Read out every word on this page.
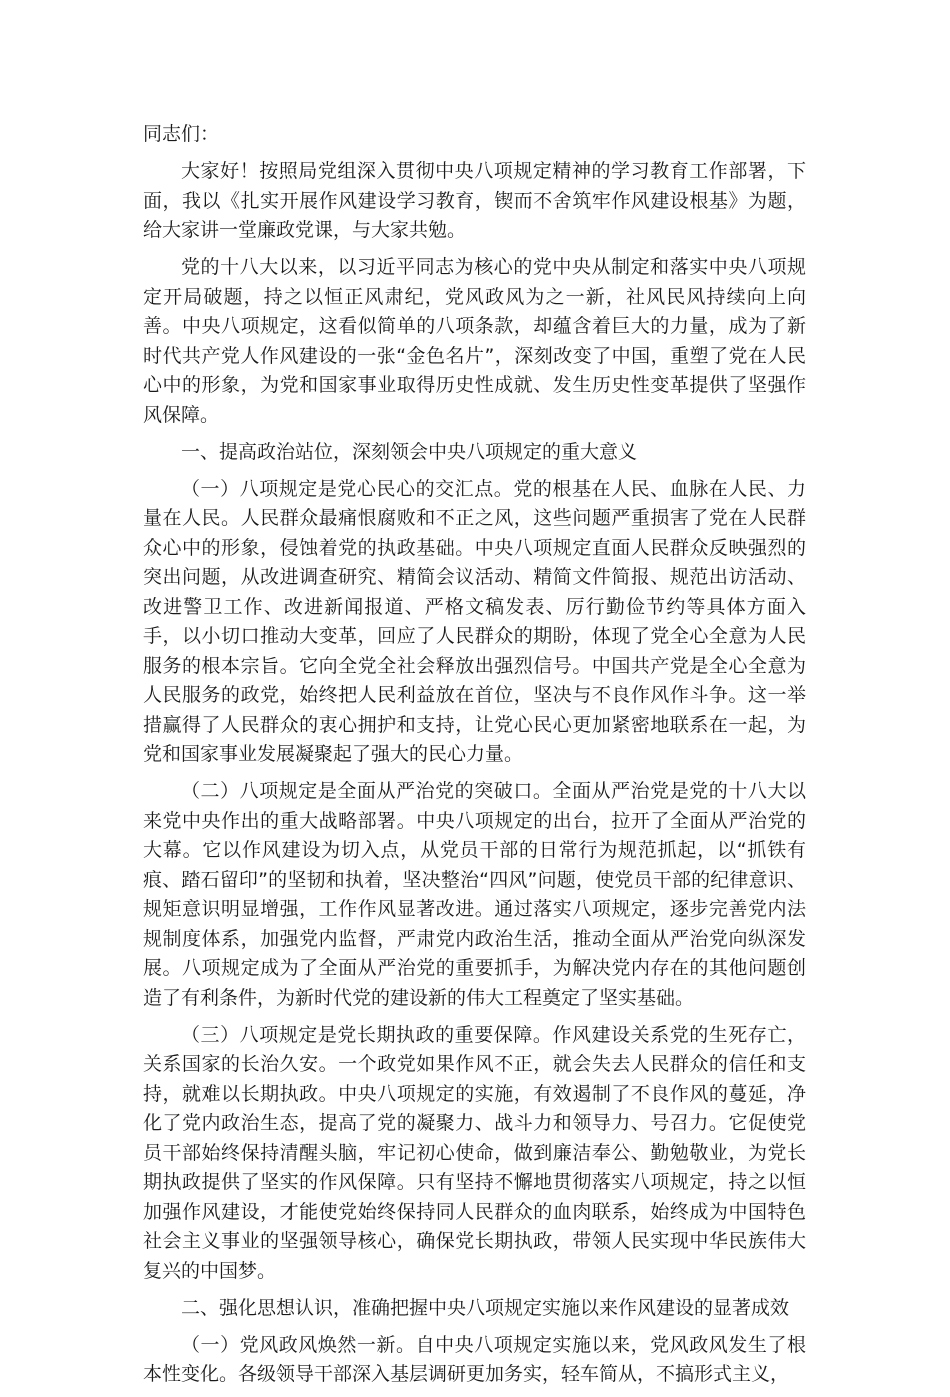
同志们：

大家好！按照局党组深入贯彻中央八项规定精神的学习教育工作部署，下面，我以《扎实开展作风建设学习教育，锲而不舍筑牢作风建设根基》为题，给大家讲一堂廉政党课，与大家共勉。

党的十八大以来，以习近平同志为核心的党中央从制定和落实中央八项规定开局破题，持之以恒正风肃纪，党风政风为之一新，社风民风持续向上向善。中央八项规定，这看似简单的八项条款，却蕴含着巨大的力量，成为了新时代共产党人作风建设的一张“金色名片”，深刻改变了中国，重塑了党在人民心中的形象，为党和国家事业取得历史性成就、发生历史性变革提供了坚强作风保障。

一、提高政治站位，深刻领会中央八项规定的重大意义

（一）八项规定是党心民心的交汇点。党的根基在人民、血脉在人民、力量在人民。人民群众最痛恨腐败和不正之风，这些问题严重损害了党在人民群众心中的形象，侵蚀着党的执政基础。中央八项规定直面人民群众反映强烈的突出问题，从改进调查研究、精简会议活动、精简文件简报、规范出访活动、改进警卫工作、改进新闻报道、严格文稿发表、厉行勤俭节约等具体方面入手，以小切口推动大变革，回应了人民群众的期盼，体现了党全心全意为人民服务的根本宗旨。它向全党全社会释放出强烈信号。中国共产党是全心全意为人民服务的政党，始终把人民利益放在首位，坚决与不良作风作斗争。这一举措赢得了人民群众的衷心拥护和支持，让党心民心更加紧密地联系在一起，为党和国家事业发展凝聚起了强大的民心力量。

（二）八项规定是全面从严治党的突破口。全面从严治党是党的十八大以来党中央作出的重大战略部署。中央八项规定的出台，拉开了全面从严治党的大幕。它以作风建设为切入点，从党员干部的日常行为规范抓起，以“抓铁有痕、踏石留印”的坚韧和执着，坚决整治“四风”问题，使党员干部的纪律意识、规矩意识明显增强，工作作风显著改进。通过落实八项规定，逐步完善党内法规制度体系，加强党内监督，严肃党内政治生活，推动全面从严治党向纵深发展。八项规定成为了全面从严治党的重要抓手，为解决党内存在的其他问题创造了有利条件，为新时代党的建设新的伟大工程奠定了坚实基础。

（三）八项规定是党长期执政的重要保障。作风建设关系党的生死存亡，关系国家的长治久安。一个政党如果作风不正，就会失去人民群众的信任和支持，就难以长期执政。中央八项规定的实施，有效遏制了不良作风的蔓延，净化了党内政治生态，提高了党的凝聚力、战斗力和领导力、号召力。它促使党员干部始终保持清醒头脑，牢记初心使命，做到廉洁奉公、勤勉敬业，为党长期执政提供了坚实的作风保障。只有坚持不懈地贯彻落实八项规定，持之以恒加强作风建设，才能使党始终保持同人民群众的血肉联系，始终成为中国特色社会主义事业的坚强领导核心，确保党长期执政，带领人民实现中华民族伟大复兴的中国梦。

二、强化思想认识，准确把握中央八项规定实施以来作风建设的显著成效

（一）党风政风焕然一新。自中央八项规定实施以来，党风政风发生了根本性变化。各级领导干部深入基层调研更加务实，轻车简从，不搞形式主义，
